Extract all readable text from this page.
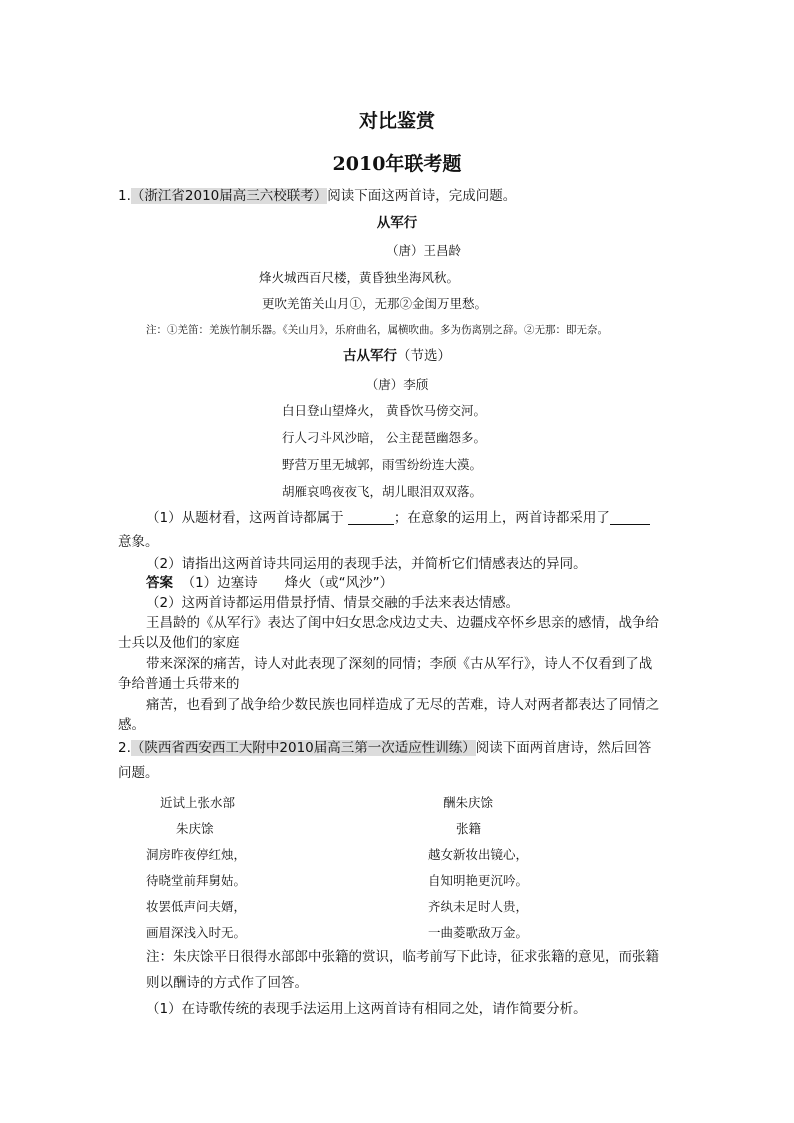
对比鉴赏
2010年联考题
1.（浙江省2010届高三六校联考）阅读下面这两首诗，完成问题。
从军行
（唐）王昌龄
烽火城西百尺楼，黄昏独坐海风秋。
更吹羌笛关山月①，无那②金闺万里愁。
注：①羌笛：羌族竹制乐器。《关山月》，乐府曲名，属横吹曲。多为伤离别之辞。②无那：即无奈。
古从军行（节选）
（唐）李颀
白日登山望烽火， 黄昏饮马傍交河。
行人刁斗风沙暗， 公主琵琶幽怨多。
野营万里无城郭，雨雪纷纷连大漠。
胡雁哀鸣夜夜飞，胡儿眼泪双双落。
（1）从题材看，这两首诗都属于	；在意象的运用上，两首诗都采用了
意象。
（2）请指出这两首诗共同运用的表现手法，并简析它们情感表达的异同。
答案 （1）边塞诗　　烽火（或“风沙”）
（2）这两首诗都运用借景抒情、情景交融的手法来表达情感。
王昌龄的《从军行》表达了闺中妇女思念戍边丈夫、边疆戍卒怀乡思亲的感情，战争给
士兵以及他们的家庭
带来深深的痛苦，诗人对此表现了深刻的同情；李颀《古从军行》，诗人不仅看到了战
争给普通士兵带来的
痛苦，也看到了战争给少数民族也同样造成了无尽的苦难，诗人对两者都表达了同情之
感。
2.（陕西省西安西工大附中2010届高三第一次适应性训练）阅读下面两首唐诗，然后回答
问题。
近试上张水部
朱庆馀
洞房昨夜停红烛，
待晓堂前拜舅姑。
妆罢低声问夫婿，
画眉深浅入时无。
酬朱庆馀
张籍
越女新妆出镜心，
自知明艳更沉吟。
齐纨未足时人贵，
一曲菱歌敌万金。
注：朱庆馀平日很得水部郎中张籍的赏识，临考前写下此诗，征求张籍的意见，而张籍
则以酬诗的方式作了回答。
（1）在诗歌传统的表现手法运用上这两首诗有相同之处，请作简要分析。
